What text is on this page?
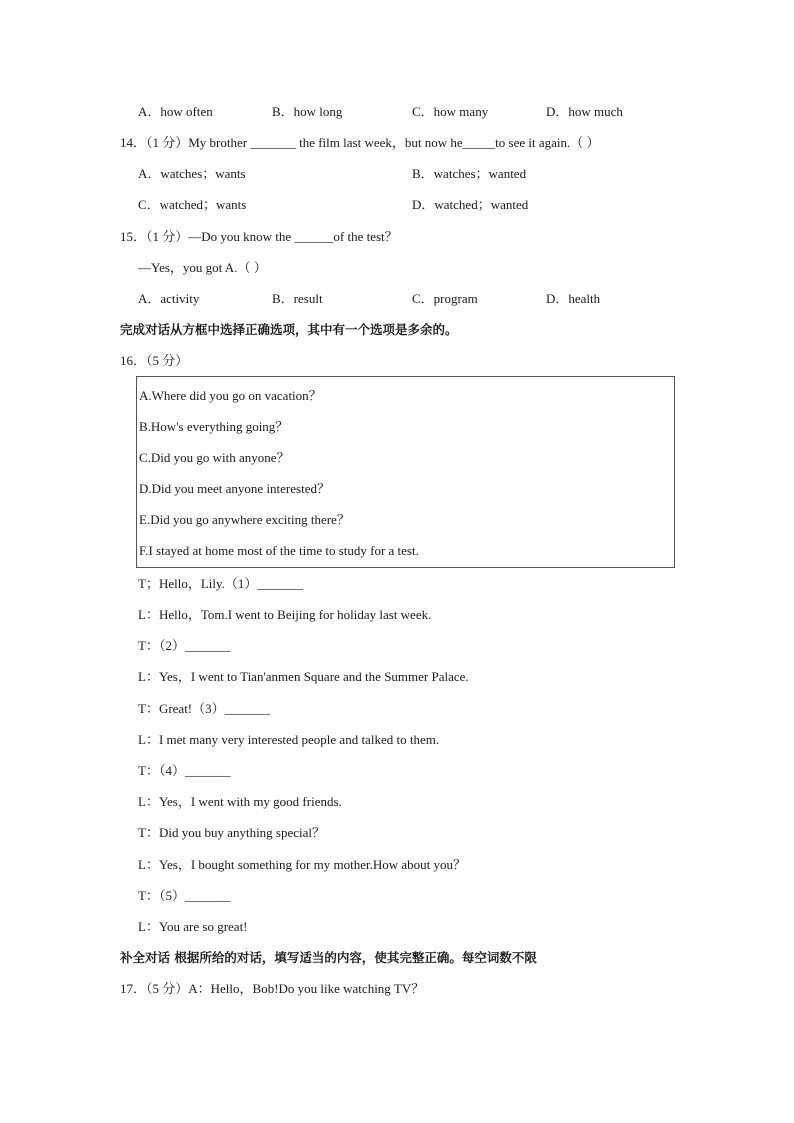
A．how often	B．how long	C．how many	D．how much
14．（1 分）My brother _______ the film last week，but now he_____to see it again.（ ）
A．watches；wants	B．watches；wanted
C．watched；wants	D．watched；wanted
15．（1 分）—Do you know the ______of the test？
—Yes，you got A.（ ）
A．activity	B．result	C．program	D．health
完成对话从方框中选择正确选项，其中有一个选项是多余的。
16．（5 分）
A.Where did you go on vacation？
B.How's everything going？
C.Did you go with anyone？
D.Did you meet anyone interested？
E.Did you go anywhere exciting there？
F.I stayed at home most of the time to study for a test.
T；Hello，Lily.（1）_______
L：Hello，Tom.I went to Beijing for holiday last week.
T：（2）_______
L：Yes，I went to Tian'anmen Square and the Summer Palace.
T：Great!（3）_______
L：I met many very interested people and talked to them.
T：（4）_______
L：Yes，I went with my good friends.
T：Did you buy anything special？
L：Yes，I bought something for my mother.How about you？
T：（5）_______
L：You are so great!
补全对话 根据所给的对话，填写适当的内容，使其完整正确。每空词数不限
17．（5 分）A：Hello，Bob!Do you like watching TV？
